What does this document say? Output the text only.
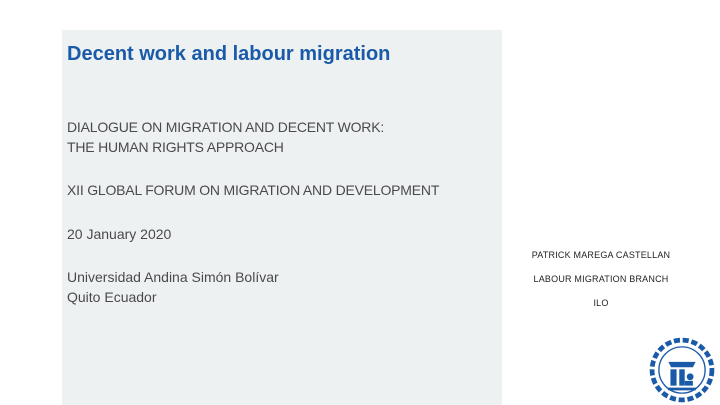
Decent work and labour migration
DIALOGUE ON MIGRATION AND DECENT WORK:
THE HUMAN RIGHTS APPROACH
XII GLOBAL FORUM ON MIGRATION AND DEVELOPMENT
20 January 2020
Universidad Andina Simón Bolívar
Quito Ecuador
PATRICK MAREGA CASTELLAN
LABOUR MIGRATION BRANCH
ILO
